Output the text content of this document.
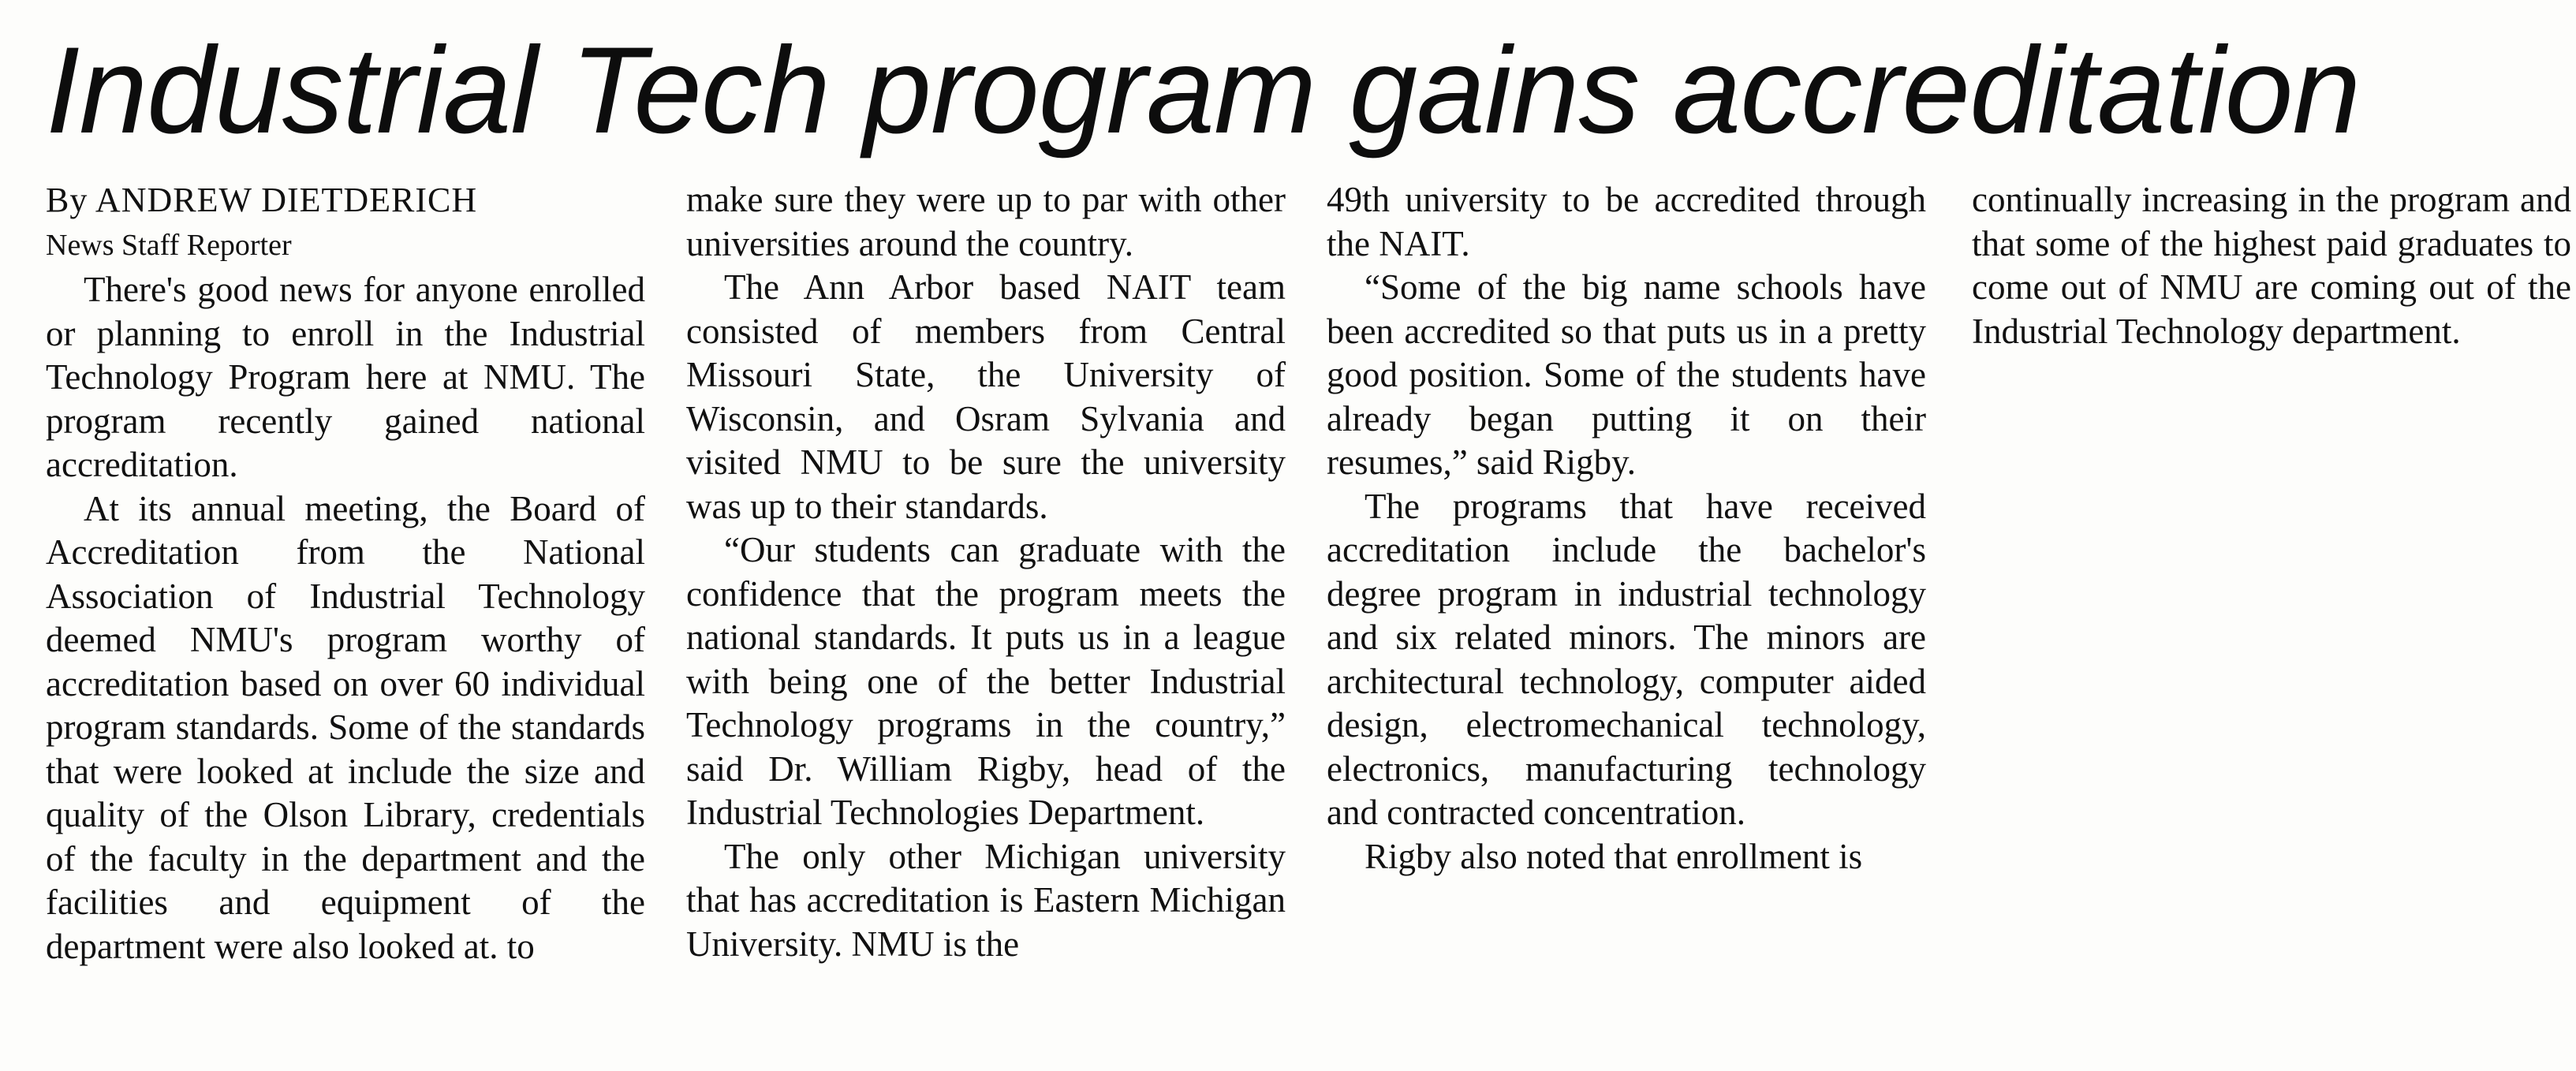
Industrial Tech program gains accreditation

By ANDREW DIETDERICH

News Staff Reporter

There's good news for anyone enrolled or planning to enroll in the Industrial Technology Program here at NMU. The program recently gained national accreditation.

At its annual meeting, the Board of Accreditation from the National Association of Industrial Technology deemed NMU's program worthy of accreditation based on over 60 individual program standards. Some of the standards that were looked at include the size and quality of the Olson Library, credentials of the faculty in the department and the facilities and equipment of the department were also looked at. to

make sure they were up to par with other universities around the country.

The Ann Arbor based NAIT team consisted of members from Central Missouri State, the University of Wisconsin, and Osram Sylvania and visited NMU to be sure the university was up to their standards.

“Our students can graduate with the confidence that the program meets the national standards. It puts us in a league with being one of the better Industrial Technology programs in the country,” said Dr. William Rigby, head of the Industrial Technologies Department.

The only other Michigan university that has accreditation is Eastern Michigan University. NMU is the

49th university to be accredited through the NAIT.

“Some of the big name schools have been accredited so that puts us in a pretty good position. Some of the students have already began putting it on their resumes,” said Rigby.

The programs that have received accreditation include the bachelor's degree program in industrial technology and six related minors. The minors are architectural technology, computer aided design, electromechanical technology, electronics, manufacturing technology and contracted concentration.

Rigby also noted that enrollment is

continually increasing in the program and that some of the highest paid graduates to come out of NMU are coming out of the Industrial Technology department.
